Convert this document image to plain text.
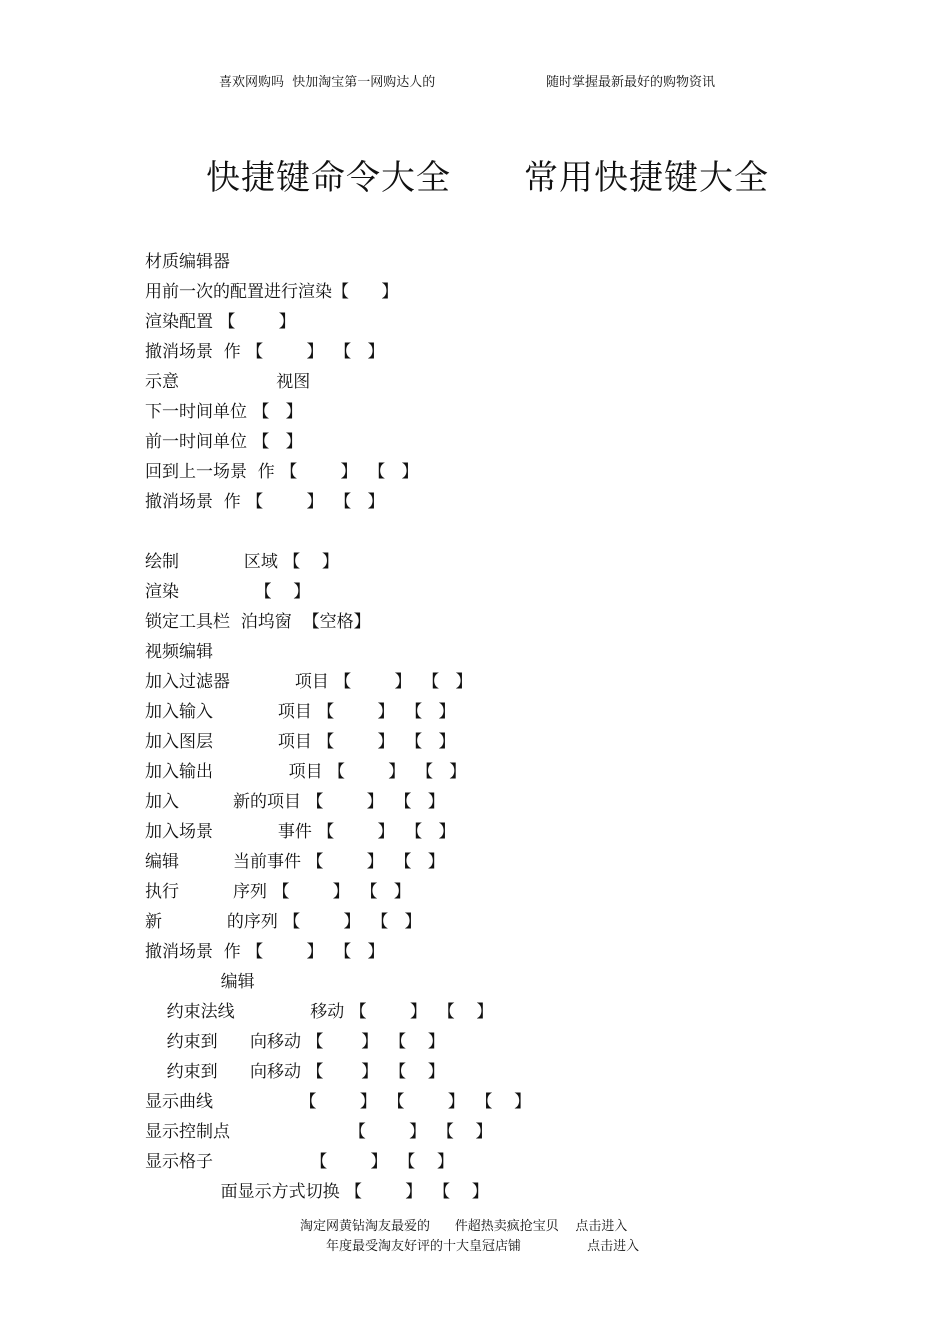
喜欢网购吗  快加淘宝第一网购达人的	随时掌握最新最好的购物资讯
快捷键命令大全 常用快捷键大全
材质编辑器
用前一次的配置进行渲染【      】
渲染配置 【        】
撤消场景  作 【        】  【   】
示意                  视图
下一时间单位 【   】
前一时间单位 【   】
回到上一场景  作 【        】  【   】
撤消场景  作 【        】  【   】
绘制            区域 【    】
渲染              【    】
锁定工具栏  泊坞窗  【空格】
视频编辑
加入过滤器            项目 【        】  【   】
加入输入            项目 【        】  【   】
加入图层            项目 【        】  【   】
加入输出              项目 【        】  【   】
加入          新的项目 【        】  【   】
加入场景            事件 【        】  【   】
编辑          当前事件 【        】  【   】
执行          序列 【        】  【   】
新            的序列 【        】  【   】
撤消场景  作 【        】  【   】
编辑
约束法线              移动 【        】  【    】
约束到      向移动 【       】  【    】
约束到      向移动 【       】  【    】
显示曲线                【        】  【        】  【    】
显示控制点                      【        】  【    】
显示格子                  【        】  【    】
面显示方式切换 【        】  【    】
淘定网黄钻淘友最爱的      件超热卖疯抢宝贝    点击进入
年度最受淘友好评的十大皇冠店铺                点击进入
